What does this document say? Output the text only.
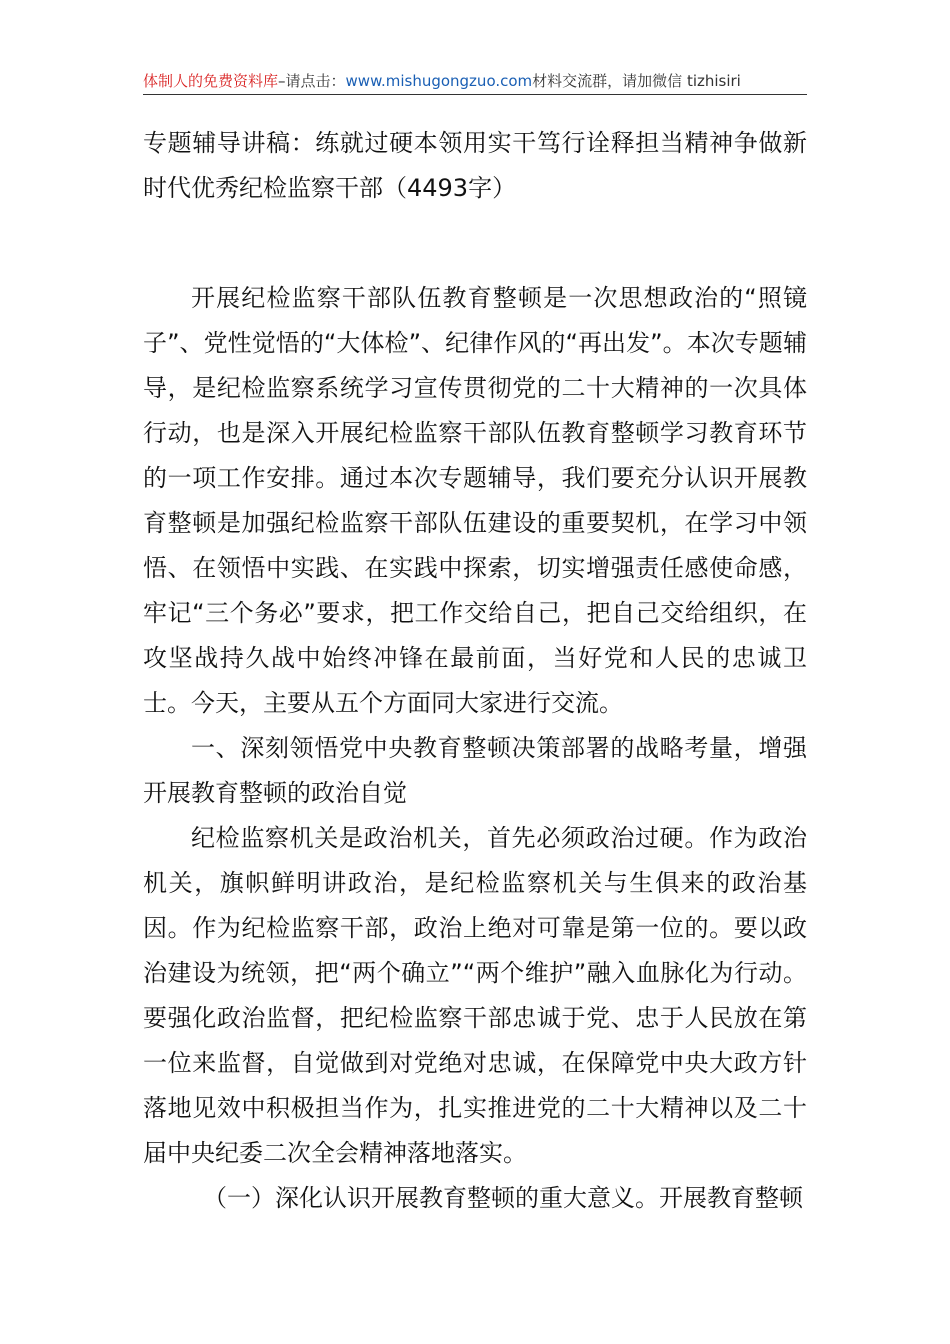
体制人的免费资料库–请点击：www.mishugongzuo.com材料交流群，请加微信 tizhisiri
专题辅导讲稿：练就过硬本领用实干笃行诠释担当精神争做新时代优秀纪检监察干部（4493字）

开展纪检监察干部队伍教育整顿是一次思想政治的“照镜子”、党性觉悟的“大体检”、纪律作风的“再出发”。本次专题辅导，是纪检监察系统学习宣传贯彻党的二十大精神的一次具体行动，也是深入开展纪检监察干部队伍教育整顿学习教育环节的一项工作安排。通过本次专题辅导，我们要充分认识开展教育整顿是加强纪检监察干部队伍建设的重要契机，在学习中领悟、在领悟中实践、在实践中探索，切实增强责任感使命感，牢记“三个务必”要求，把工作交给自己，把自己交给组织，在攻坚战持久战中始终冲锋在最前面，当好党和人民的忠诚卫士。今天，主要从五个方面同大家进行交流。

一、深刻领悟党中央教育整顿决策部署的战略考量，增强开展教育整顿的政治自觉

纪检监察机关是政治机关，首先必须政治过硬。作为政治机关，旗帜鲜明讲政治，是纪检监察机关与生俱来的政治基因。作为纪检监察干部，政治上绝对可靠是第一位的。要以政治建设为统领，把“两个确立”“两个维护”融入血脉化为行动。要强化政治监督，把纪检监察干部忠诚于党、忠于人民放在第一位来监督，自觉做到对党绝对忠诚，在保障党中央大政方针落地见效中积极担当作为，扎实推进党的二十大精神以及二十届中央纪委二次全会精神落地落实。

（一）深化认识开展教育整顿的重大意义。开展教育整顿
